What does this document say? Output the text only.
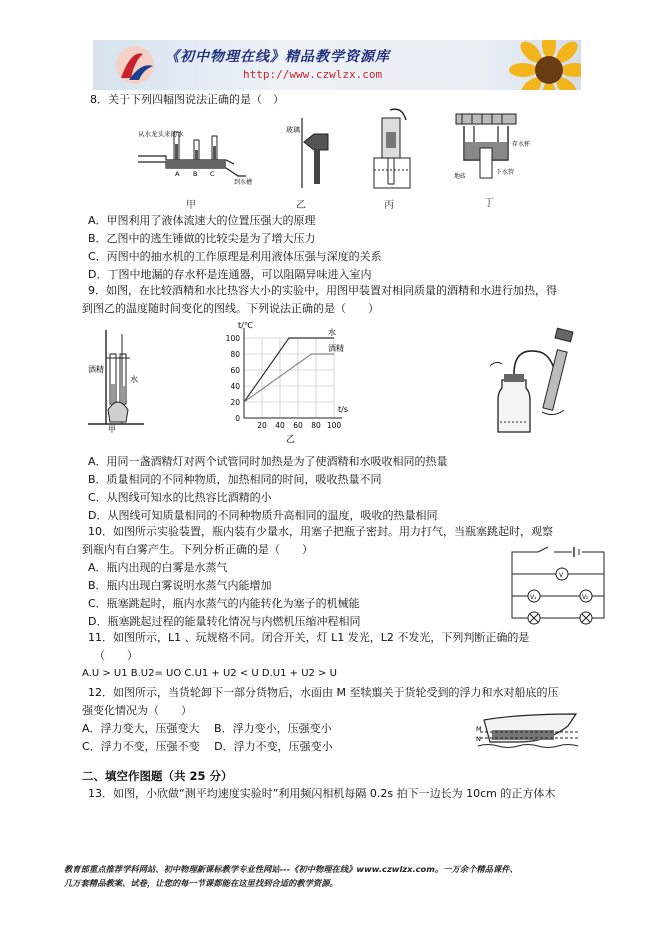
《初中物理在线》精品教学资源库
http://www.czwlzx.com
8．关于下列四幅图说法正确的是（　）
从水龙头来的水
A B C
到水槽
甲
玻璃
乙	丙
存水杯
地砖
下水管
丁
A．甲图利用了液体流速大的位置压强大的原理
B．乙图中的逃生锤做的比较尖是为了增大压力
C．丙图中的抽水机的工作原理是利用液体压强与深度的关系
D．丁图中地漏的存水杯是连通器，可以阻隔异味进入室内
9．如图，在比较酒精和水比热容大小的实验中，用图甲装置对相同质量的酒精和水进行加热，得
到图乙的温度随时间变化的图线。下列说法正确的是（　　）
酒精
水
甲
t/℃
t/s
乙
0
20
40
60
80
100
20 40 60 80 100
水
酒精
A．用同一盏酒精灯对两个试管同时加热是为了使酒精和水吸收相同的热量
B．质量相同的不同种物质，加热相同的时间，吸收热量不同
C．从图线可知水的比热容比酒精的小
D．从图线可知质量相同的不同种物质升高相同的温度，吸收的热量相同
10．如图所示实验装置，瓶内装有少量水，用塞子把瓶子密封。用力打气，当瓶塞跳起时，观察
到瓶内有白雾产生。下列分析正确的是（　　）
A．瓶内出现的白雾是水蒸气
B．瓶内出现白雾说明水蒸气内能增加
C．瓶塞跳起时，瓶内水蒸气的内能转化为塞子的机械能
D．瓶塞跳起过程的能量转化情况与内燃机压缩冲程相同
V
V₁	V₂
11．如图所示，L1 、玩规格不同。闭合开关，灯 L1 发光，L2 不发光，下列判断正确的是
（　　）
A.U > U1 B.U2= UO C.U1 + U2 < U D.U1 + U2 > U
12．如图所示，当货轮卸下一部分货物后，水面由 M 至犊翦关于货轮受到的浮力和水对船底的压
强变化情况为（　　）
A．浮力变大，压强变大　 B．浮力变小，压强变小
C．浮力不变，压强不变　 D．浮力不变，压强变小
M
N
二、填空作图题（共 25 分）
13．如图，小欣做“测平均速度实验时”利用频闪相机每隔 0.2s 拍下一边长为 10cm 的正方体木
教育部重点推荐学科网站、初中物理新课标教学专业性网站---《初中物理在线》www.czwlzx.com。一万余个精品课件、
几万套精品教案、试卷，让您的每一节课都能在这里找到合适的教学资源。
